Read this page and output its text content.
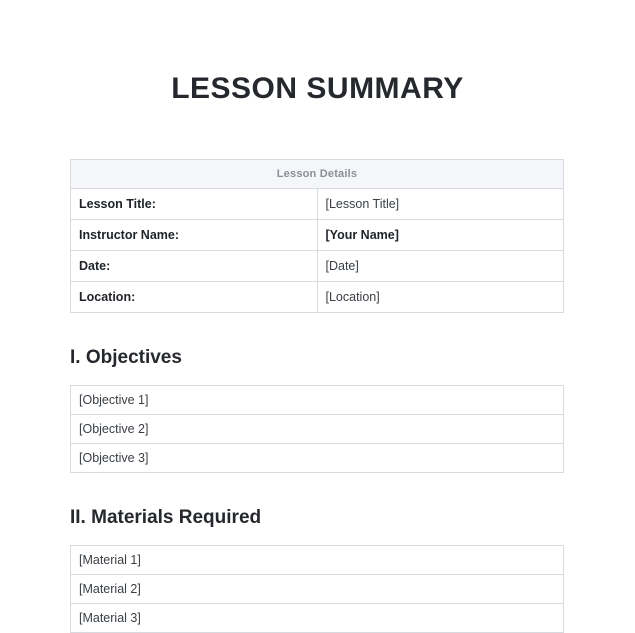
LESSON SUMMARY
Lesson Details	
Lesson Title:	[Lesson Title]
Instructor Name:	[Your Name]
Date:	[Date]
Location:	[Location]
I. Objectives
[Objective 1]
[Objective 2]
[Objective 3]
II. Materials Required
[Material 1]
[Material 2]
[Material 3]
